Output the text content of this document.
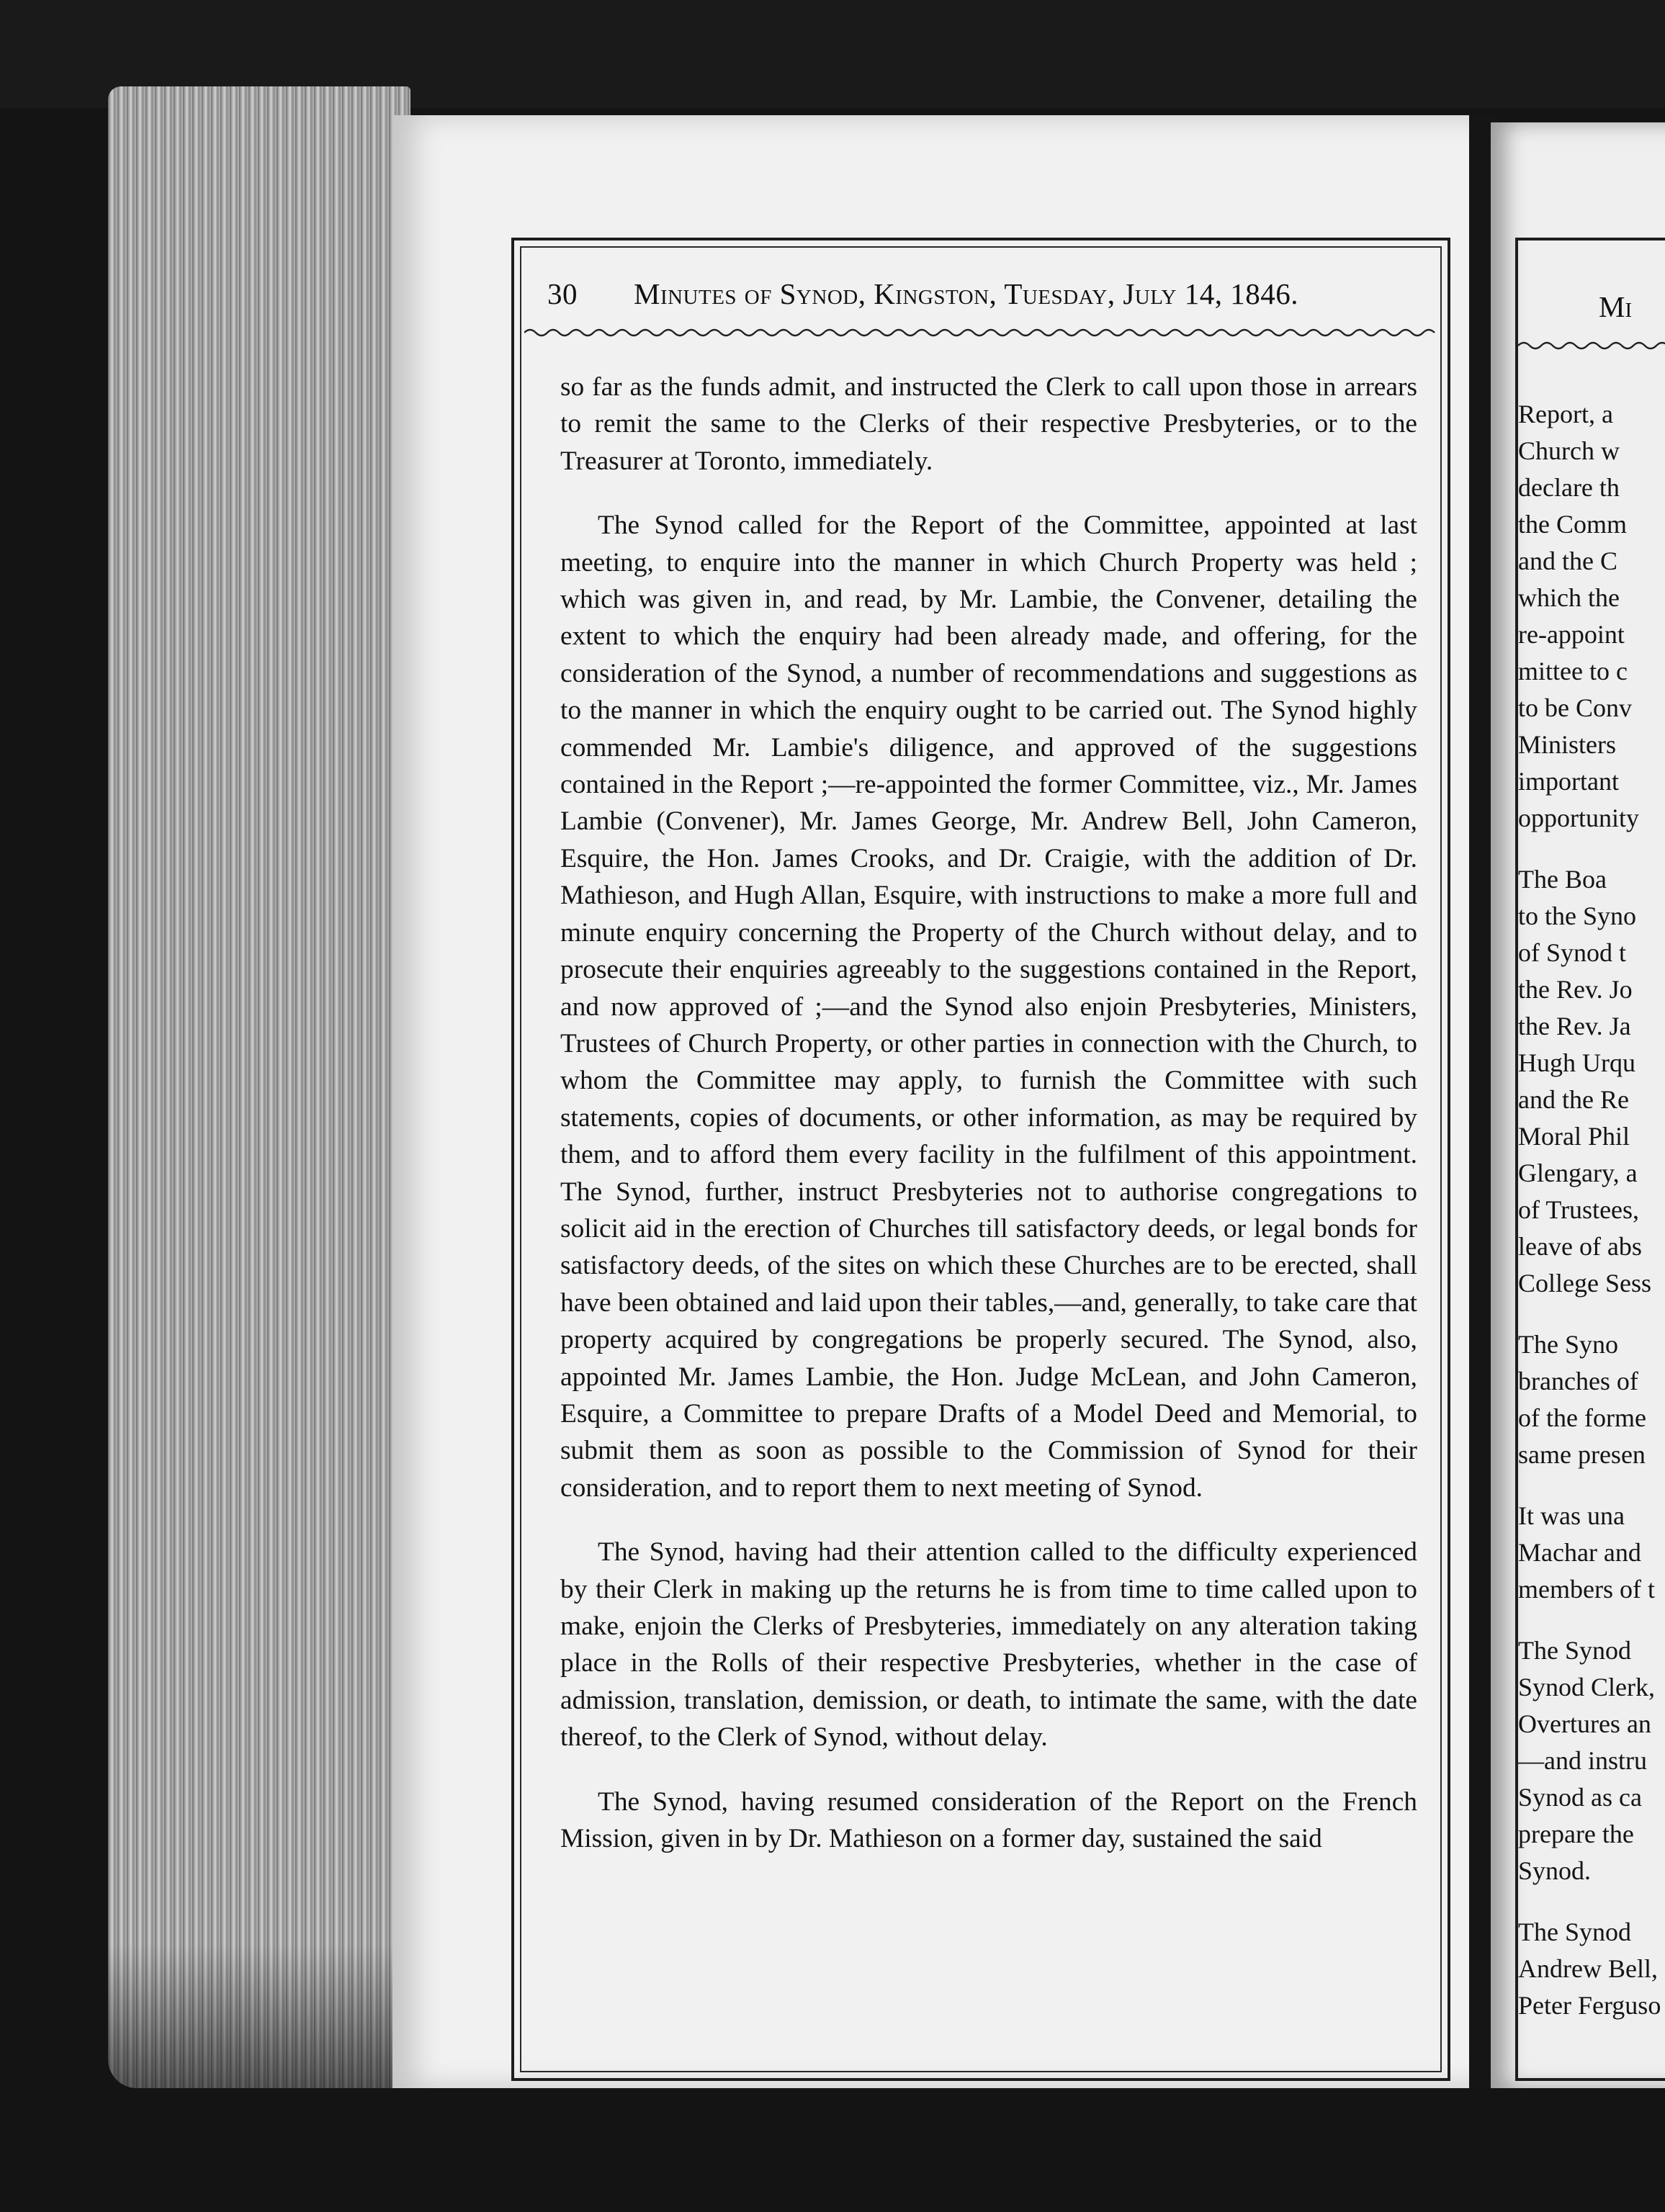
30 Minutes of Synod, Kingston, Tuesday, July 14, 1846.

so far as the funds admit, and instructed the Clerk to call upon those in arrears to remit the same to the Clerks of their respective Presbyteries, or to the Treasurer at Toronto, immediately.

The Synod called for the Report of the Committee, appointed at last meeting, to enquire into the manner in which Church Property was held ; which was given in, and read, by Mr. Lambie, the Convener, detailing the extent to which the enquiry had been already made, and offering, for the consideration of the Synod, a number of recommendations and suggestions as to the manner in which the enquiry ought to be carried out. The Synod highly commended Mr. Lambie's diligence, and approved of the suggestions contained in the Report ;—re-appointed the former Committee, viz., Mr. James Lambie (Convener), Mr. James George, Mr. Andrew Bell, John Cameron, Esquire, the Hon. James Crooks, and Dr. Craigie, with the addition of Dr. Mathieson, and Hugh Allan, Esquire, with instructions to make a more full and minute enquiry concerning the Property of the Church without delay, and to prosecute their enquiries agreeably to the suggestions contained in the Report, and now approved of ;—and the Synod also enjoin Presbyteries, Ministers, Trustees of Church Property, or other parties in connection with the Church, to whom the Committee may apply, to furnish the Committee with such statements, copies of documents, or other information, as may be required by them, and to afford them every facility in the fulfilment of this appointment. The Synod, further, instruct Presbyteries not to authorise congregations to solicit aid in the erection of Churches till satisfactory deeds, or legal bonds for satisfactory deeds, of the sites on which these Churches are to be erected, shall have been obtained and laid upon their tables,—and, generally, to take care that property acquired by congregations be properly secured. The Synod, also, appointed Mr. James Lambie, the Hon. Judge McLean, and John Cameron, Esquire, a Committee to prepare Drafts of a Model Deed and Memorial, to submit them as soon as possible to the Commission of Synod for their consideration, and to report them to next meeting of Synod.

The Synod, having had their attention called to the difficulty experienced by their Clerk in making up the returns he is from time to time called upon to make, enjoin the Clerks of Presbyteries, immediately on any alteration taking place in the Rolls of their respective Presbyteries, whether in the case of admission, translation, demission, or death, to intimate the same, with the date thereof, to the Clerk of Synod, without delay.

The Synod, having resumed consideration of the Report on the French Mission, given in by Dr. Mathieson on a former day, sustained the said

Mi
Report, a
Church w
declare th
the Comm
and the C
which the
re-appoint
mittee to c
to be Conv
Ministers
important
opportunity
The Boa
to the Syno
of Synod t
the Rev. Jo
the Rev. Ja
Hugh Urqu
and the Re
Moral Phil
Glengary, a
of Trustees,
leave of abs
College Sess
The Syno
branches of
of the forme
same presen
It was una
Machar and
members of t
The Synod
Synod Clerk,
Overtures an
—and instru
Synod as ca
prepare the
Synod.
The Synod
Andrew Bell,
Peter Ferguso
